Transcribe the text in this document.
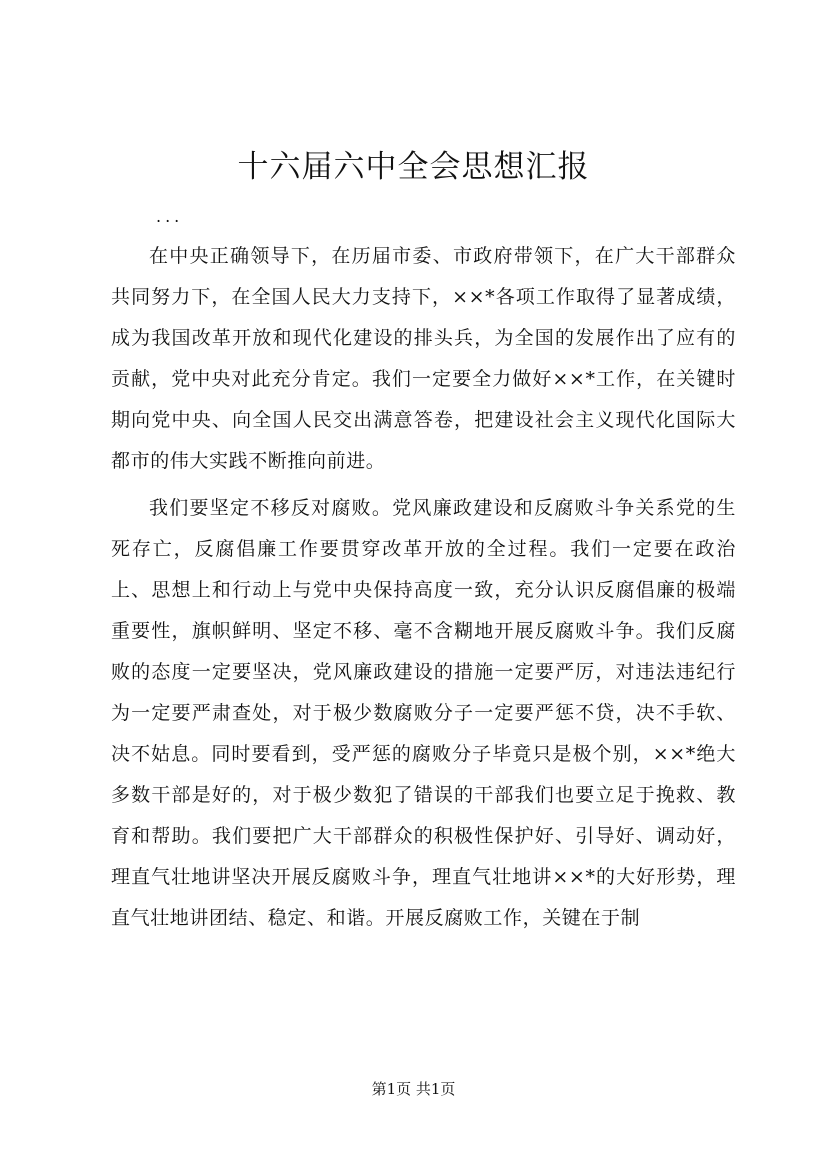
十六届六中全会思想汇报
...

在中央正确领导下，在历届市委、市政府带领下，在广大干部群众共同努力下，在全国人民大力支持下，××*各项工作取得了显著成绩，成为我国改革开放和现代化建设的排头兵，为全国的发展作出了应有的贡献，党中央对此充分肯定。我们一定要全力做好××*工作，在关键时期向党中央、向全国人民交出满意答卷，把建设社会主义现代化国际大都市的伟大实践不断推向前进。

我们要坚定不移反对腐败。党风廉政建设和反腐败斗争关系党的生死存亡，反腐倡廉工作要贯穿改革开放的全过程。我们一定要在政治上、思想上和行动上与党中央保持高度一致，充分认识反腐倡廉的极端重要性，旗帜鲜明、坚定不移、毫不含糊地开展反腐败斗争。我们反腐败的态度一定要坚决，党风廉政建设的措施一定要严厉，对违法违纪行为一定要严肃查处，对于极少数腐败分子一定要严惩不贷，决不手软、决不姑息。同时要看到，受严惩的腐败分子毕竟只是极个别，××*绝大多数干部是好的，对于极少数犯了错误的干部我们也要立足于挽救、教育和帮助。我们要把广大干部群众的积极性保护好、引导好、调动好，理直气壮地讲坚决开展反腐败斗争，理直气壮地讲××*的大好形势，理直气壮地讲团结、稳定、和谐。开展反腐败工作，关键在于制

第1页 共1页
